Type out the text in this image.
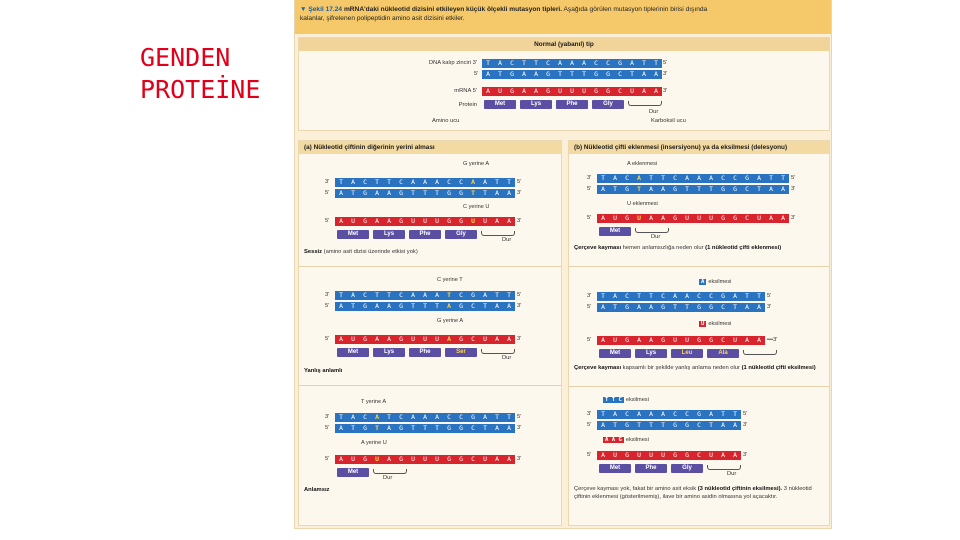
GENDEN
PROTEİNE
▼ Şekil 17.24 mRNA'daki nükleotid dizisini etkileyen küçük ölçekli mutasyon tipleri. Aşağıda görülen mutasyon tiplerinin birisi dışında kalanlar, şifrelenen polipeptidin amino asit dizisini etkiler.
Normal (yabanıl) tip
DNA kalıp zinciri 3'	T	A	C	T	T	C	A	A	A	C	C	G	A	T	T 5'
5'	A	T	G	A	A	G	T	T	T	G	G	C	T	A	A 3'
mRNA 5'	A	U	G	A	A	G	U	U	U	G	G	C	U	A	A 3'
Protein
Dur
Amino ucu	Karboksil ucu
Met	Lys	Phe	Gly
(a) Nükleotid çiftinin diğerinin yerini alması
G yerine A
3'	T	A	C	T	T	C	A	A	A	C	C	A	A	T	T	5'
5'	A	T	G	A	A	G	T	T	T	G	G	T	T	A	A	3'
C yerine U
5'	A	U	G	A	A	G	U	U	U	G	G	U	U	A	A	3'
Dur
Sessiz (amino asit dizisi üzerinde etkisi yok)
C yerine T
3'	T	A	C	T	T	C	A	A	A	T	C	G	A	T	T	5'
5'	A	T	G	A	A	G	T	T	T	A	G	C	T	A	A	3'
G yerine A
5'	A	U	G	A	A	G	U	U	U	A	G	C	U	A	A	3'
Dur
Yanlış anlamlı
T yerine A
3'	T	A	C	A	T	C	A	A	A	C	C	G	A	T	T	5'
5'	A	T	G	T	A	G	T	T	T	G	G	C	T	A	A	3'
A yerine U
5'	A	U	G	U	A	G	U	U	U	G	G	C	U	A	A	3'
Dur
Anlamsız
Met	Lys	Phe	Gly
Met	Lys	Phe	Ser
Met
(b) Nükleotid çifti eklenmesi (insersiyonu) ya da eksilmesi (delesyonu)
A eklenmesi
3'	T	A	C	A	T	T	C	A	A	A	C	C	G	A	T	T	5'
5'	A	T	G	T	A	A	G	T	T	T	G	G	C	T	A	A	3'
U eklenmesi
5'	A	U	G	U	A	A	G	U	U	U	G	G	C	U	A	A	3'
Dur
Çerçeve kayması hemen anlamsızlığa neden olur (1 nükleotid çifti eklenmesi)
A eksilmesi
3'	T	A	C	T	T	C	A	A	C	C	G	A	T	T	5'
5'	A	T	G	A	A	G	T	T	G	G	C	T	A	A	3'
U eksilmesi
5'	A	U	G	A	A	G	U	U	G	G	C	U	A	A	•••3'
Çerçeve kayması kapsamlı bir şekilde yanlış anlama neden olur (1 nükleotid çifti eksilmesi)
T T C eksilmesi
3'	T	A	C	A	A	A	C	C	G	A	T	T	5'
5'	A	T	G	T	T	T	G	G	C	T	A	A	3'
A A G eksilmesi
5'	A	U	G	U	U	U	G	G	C	U	A	A	3'
Dur
Çerçeve kayması yok, fakat bir amino asit eksik (3 nükleotid çiftinin eksilmesi). 3 nükleotid çiftinin eklenmesi (gösterilmemiş), ilave bir amino asidin olmasına yol açacaktır.
Met
Met	Lys	Leu	Ala
Met	Phe	Gly
